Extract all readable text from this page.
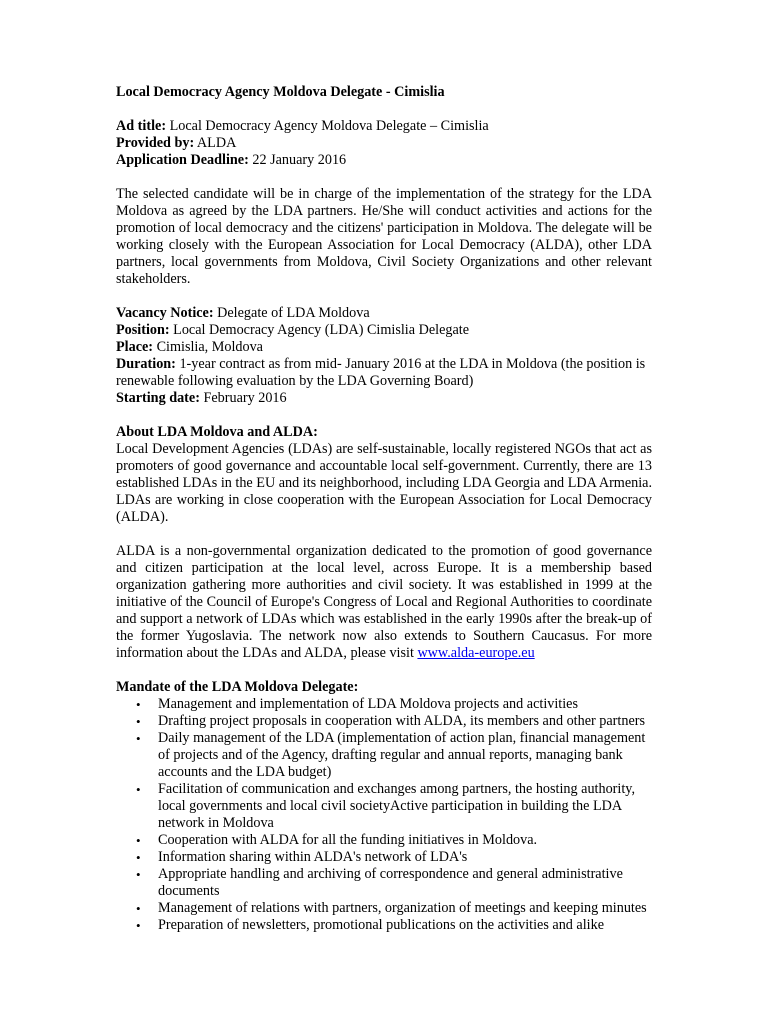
Local Democracy Agency Moldova Delegate - Cimislia

Ad title: Local Democracy Agency Moldova Delegate – Cimislia

Provided by: ALDA

Application Deadline: 22 January 2016

The selected candidate will be in charge of the implementation of the strategy for the LDA Moldova as agreed by the LDA partners. He/She will conduct activities and actions for the promotion of local democracy and the citizens' participation in Moldova. The delegate will be working closely with the European Association for Local Democracy (ALDA), other LDA partners, local governments from Moldova, Civil Society Organizations and other relevant stakeholders.

Vacancy Notice: Delegate of LDA Moldova

Position: Local Democracy Agency (LDA) Cimislia Delegate

Place: Cimislia, Moldova

Duration: 1-year contract as from mid- January 2016 at the LDA in Moldova (the position is renewable following evaluation by the LDA Governing Board)

Starting date: February 2016

About LDA Moldova and ALDA:

Local Development Agencies (LDAs) are self-sustainable, locally registered NGOs that act as promoters of good governance and accountable local self-government. Currently, there are 13 established LDAs in the EU and its neighborhood, including LDA Georgia and LDA Armenia. LDAs are working in close cooperation with the European Association for Local Democracy (ALDA).

ALDA is a non-governmental organization dedicated to the promotion of good governance and citizen participation at the local level, across Europe. It is a membership based organization gathering more authorities and civil society. It was established in 1999 at the initiative of the Council of Europe's Congress of Local and Regional Authorities to coordinate and support a network of LDAs which was established in the early 1990s after the break-up of the former Yugoslavia. The network now also extends to Southern Caucasus. For more information about the LDAs and ALDA, please visit www.alda-europe.eu

Mandate of the LDA Moldova Delegate:

• Management and implementation of LDA Moldova projects and activities
• Drafting project proposals in cooperation with ALDA, its members and other partners
• Daily management of the LDA (implementation of action plan, financial management of projects and of the Agency, drafting regular and annual reports, managing bank accounts and the LDA budget)
• Facilitation of communication and exchanges among partners, the hosting authority, local governments and local civil societyActive participation in building the LDA network in Moldova
• Cooperation with ALDA for all the funding initiatives in Moldova.
• Information sharing within ALDA's network of LDA's
• Appropriate handling and archiving of correspondence and general administrative documents
• Management of relations with partners, organization of meetings and keeping minutes
• Preparation of newsletters, promotional publications on the activities and alike
